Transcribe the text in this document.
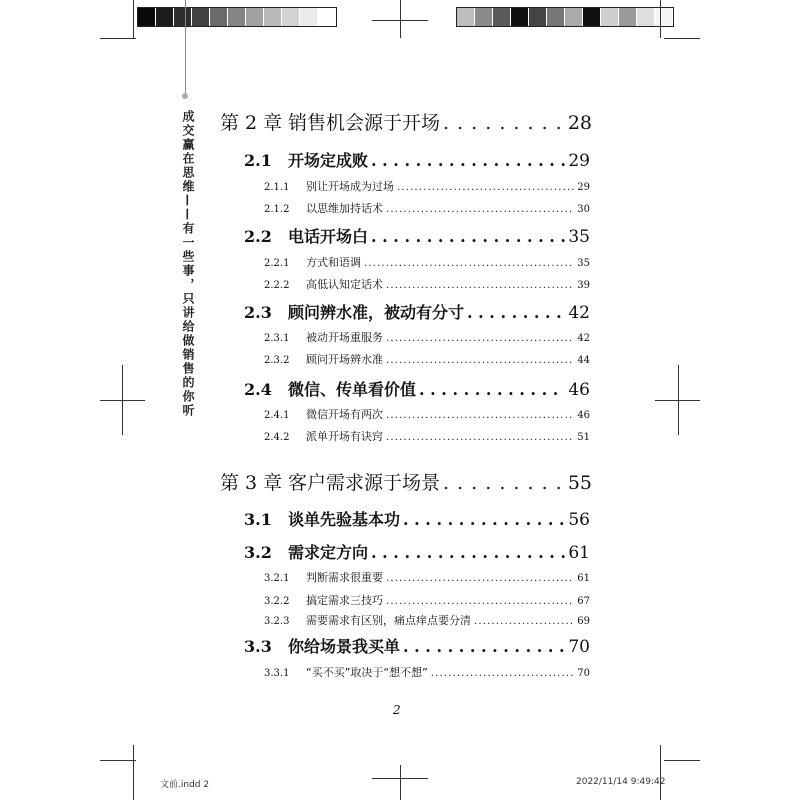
成交赢在思维——有一些事，只讲给做销售的你听 第 2 章 销售机会源于开场 . . .	28
2.1	开场定成败 . . .	29
2.1.1	别让开场成为过场 . . .	29
2.1.2	以思维加持话术 . . .	30
2.2	电话开场白 . . .	35
2.2.1	方式和语调 . . .	35
2.2.2	高低认知定话术 . . .	39
2.3	顾问辨水准，被动有分寸 . . .	42
2.3.1	被动开场重服务 . . .	42
2.3.2	顾问开场辨水准 . . .	44
2.4	微信、传单看价值 . . .	46
2.4.1	微信开场有两次 . . .	46
2.4.2	派单开场有诀窍 . . .	51
第 3 章 客户需求源于场景 . . .	55
3.1	谈单先验基本功 . . .	56
3.2	需求定方向 . . .	61
3.2.1	判断需求很重要 . . .	61
3.2.2	搞定需求三技巧 . . .	67
3.2.3	需要需求有区别，痛点痒点要分清 . . .	69
3.3	你给场景我买单 . . .	70
3.3.1	“买不买”取决于“想不想” . . .	70
2
文前.indd 2	2022/11/14 9:49:42
